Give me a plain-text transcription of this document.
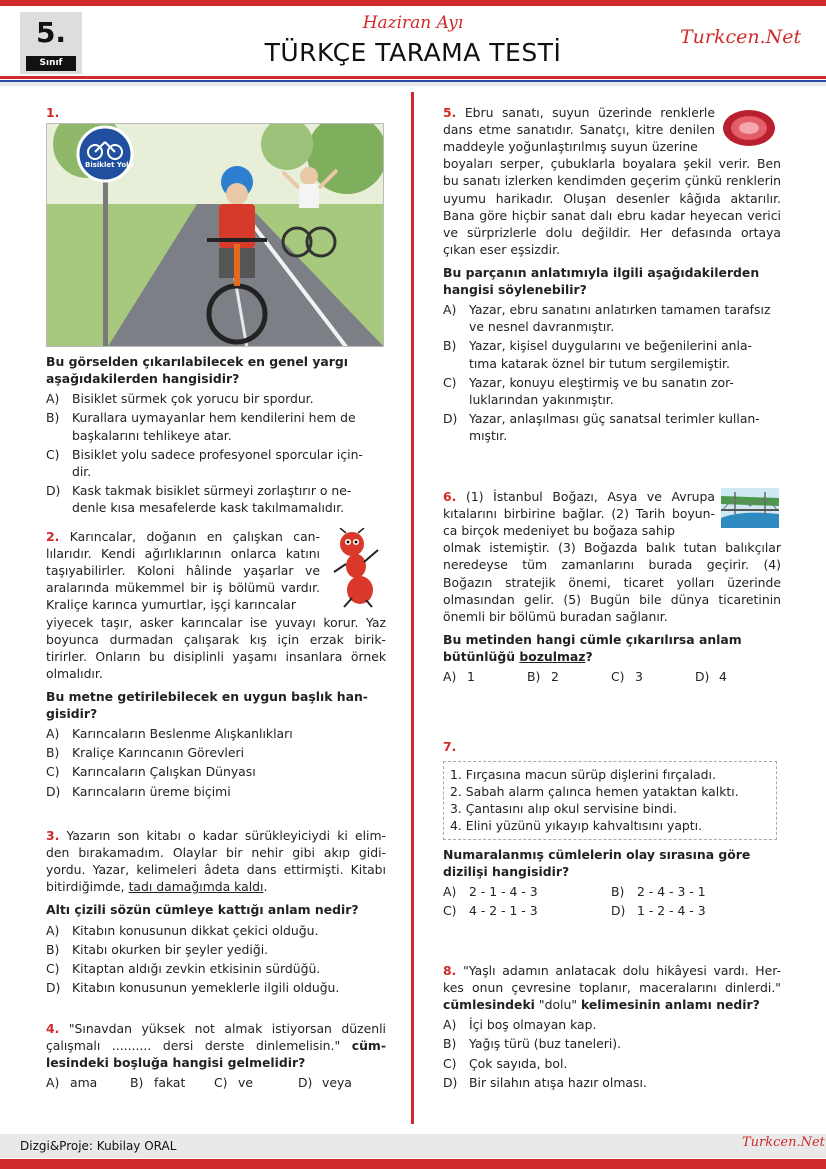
5.
Sınıf
Haziran Ayı
TÜRKÇE TARAMA TESTİ
Turkcen.Net
1.
Bisiklet Yolu
Bu görselden çıkarılabilecek en genel yargı aşağıdakilerden hangisidir?
A)	Bisiklet sürmek çok yorucu bir spordur.
B)	Kurallara uymayanlar hem kendilerini hem de başkalarını tehlikeye atar.
C)	Bisiklet yolu sadece profesyonel sporcular için- dir.
D) Kask takmak bisiklet sürmeyi zorlaştırır o ne- denle kısa mesafelerde kask takılmamalıdır.
2. Karıncalar, doğanın en çalışkan can- lılarıdır. Kendi ağırlıklarının onlarca katını taşıyabilirler. Koloni hâlinde yaşarlar ve aralarında mükemmel bir iş bölümü vardır. Kraliçe karınca yumurtlar, işçi karıncalar
yiyecek taşır, asker karıncalar ise yuvayı korur. Yaz boyunca durmadan çalışarak kış için erzak birik- tirirler. Onların bu disiplinli yaşamı insanlara örnek olmalıdır.
Bu metne getirilebilecek en uygun başlık han- gisidir?
A)	Karıncaların Beslenme Alışkanlıkları
B)	Kraliçe Karıncanın Görevleri
C)	Karıncaların Çalışkan Dünyası
D) Karıncaların üreme biçimi
3. Yazarın son kitabı o kadar sürükleyiciydi ki elim- den bırakamadım. Olaylar bir nehir gibi akıp gidi- yordu. Yazar, kelimeleri âdeta dans ettirmişti. Kitabı bitirdiğimde, tadı damağımda kaldı.
Altı çizili sözün cümleye kattığı anlam nedir?
A)	Kitabın konusunun dikkat çekici olduğu.
B)	Kitabı okurken bir şeyler yediği.
C)	Kitaptan aldığı zevkin etkisinin sürdüğü.
D) Kitabın konusunun yemeklerle ilgili olduğu.
4. "Sınavdan yüksek not almak istiyorsan düzenli çalışmalı .......... dersi derste dinlemelisin." cüm- lesindeki boşluğa hangisi gelmelidir?
A) ama	B) fakat C) ve	D) veya
5. Ebru sanatı, suyun üzerinde renklerle dans etme sanatıdır. Sanatçı, kitre denilen maddeyle yoğunlaştırılmış suyun üzerine
boyaları serper, çubuklarla boyalara şekil verir. Ben bu sanatı izlerken kendimden geçerim çünkü renklerin uyumu harikadır. Oluşan desenler kâğıda aktarılır. Bana göre hiçbir sanat dalı ebru kadar heyecan verici ve sürprizlerle dolu değildir. Her defasında ortaya çıkan eser eşsizdir.
Bu parçanın anlatımıyla ilgili aşağıdakilerden hangisi söylenebilir?
A)	Yazar, ebru sanatını anlatırken tamamen tarafsız ve nesnel davranmıştır.
B)	Yazar, kişisel duygularını ve beğenilerini anla- tıma katarak öznel bir tutum sergilemiştir.
C)	Yazar, konuyu eleştirmiş ve bu sanatın zor- luklarından yakınmıştır.
D) Yazar, anlaşılması güç sanatsal terimler kullan- mıştır.
6. (1) İstanbul Boğazı, Asya ve Avrupa kıtalarını birbirine bağlar. (2) Tarih boyun- ca birçok medeniyet bu boğaza sahip
olmak istemiştir. (3) Boğazda balık tutan balıkçılar neredeyse tüm zamanlarını burada geçirir. (4) Boğazın stratejik önemi, ticaret yolları üzerinde olmasından gelir. (5) Bugün bile dünya ticaretinin önemli bir bölümü buradan sağlanır.
Bu metinden hangi cümle çıkarılırsa anlam bütünlüğü bozulmaz?
A) 1	B) 2	C) 3	D) 4
7.
1. Fırçasına macun sürüp dişlerini fırçaladı.
2. Sabah alarm çalınca hemen yataktan kalktı.
3. Çantasını alıp okul servisine bindi.
4. Elini yüzünü yıkayıp kahvaltısını yaptı.
Numaralanmış cümlelerin olay sırasına göre dizilişi hangisidir?
A)	2 - 1 - 4 - 3	B)	2 - 4 - 3 - 1
C)	4 - 2 - 1 - 3	D) 1 - 2 - 4 - 3
8. "Yaşlı adamın anlatacak dolu hikâyesi vardı. Her- kes onun çevresine toplanır, maceralarını dinlerdi." cümlesindeki "dolu" kelimesinin anlamı nedir?
A)	İçi boş olmayan kap.
B)	Yağış türü (buz taneleri).
C)	Çok sayıda, bol.
D) Bir silahın atışa hazır olması.
Dizgi&Proje: Kubilay ORAL	Turkcen.Net
